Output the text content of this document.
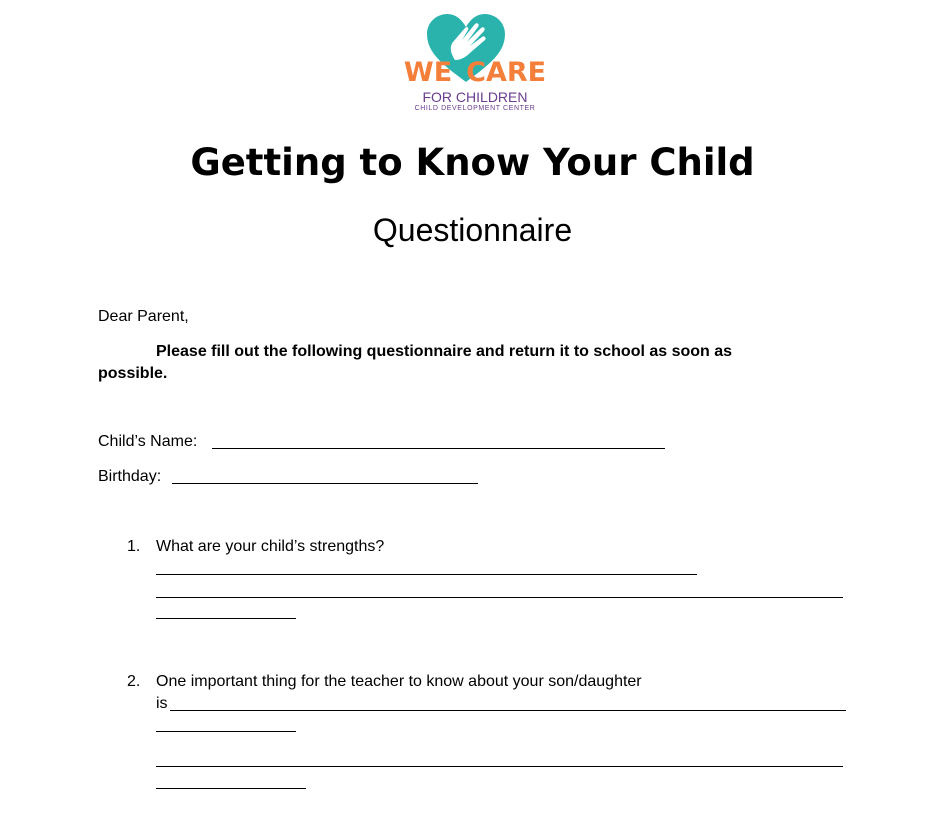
WE CARE
FOR CHILDREN
CHILD DEVELOPMENT CENTER
Getting to Know Your Child
Questionnaire
Dear Parent,
Please fill out the following questionnaire and return it to school as soon as
possible.
Child’s Name:
Birthday:
1. What are your child’s strengths?
2. One important thing for the teacher to know about your son/daughter
is
